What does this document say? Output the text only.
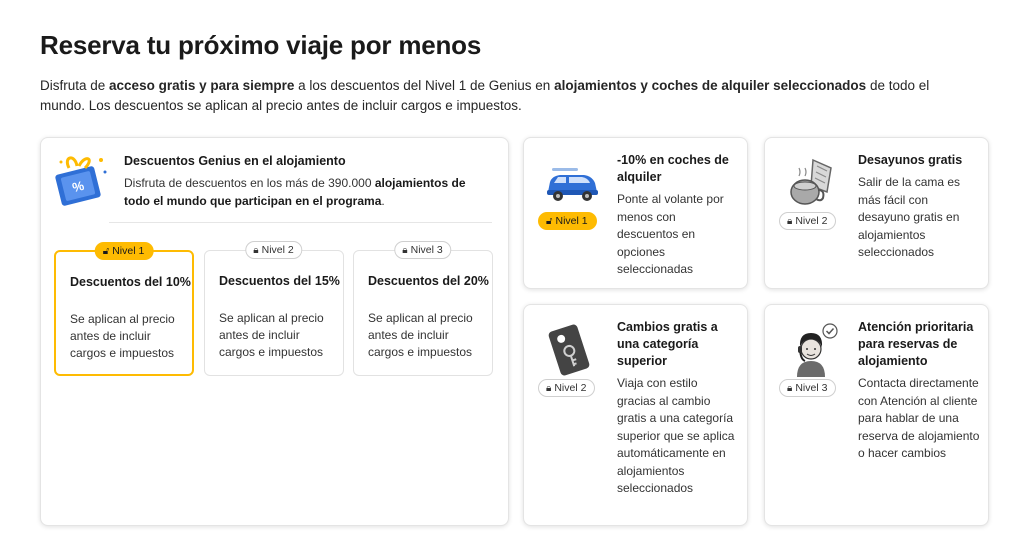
Reserva tu próximo viaje por menos

Disfruta de acceso gratis y para siempre a los descuentos del Nivel 1 de Genius en alojamientos y coches de alquiler seleccionados de todo el mundo. Los descuentos se aplican al precio antes de incluir cargos e impuestos.

%
Descuentos Genius en el alojamiento
Disfruta de descuentos en los más de 390.000 alojamientos de todo el mundo que participan en el programa.
🔓︎ Nivel 1
Descuentos del 10%
Se aplican al precio antes de incluir cargos e impuestos
🔒︎ Nivel 2
Descuentos del 15%
Se aplican al precio antes de incluir cargos e impuestos
🔒︎ Nivel 3
Descuentos del 20%
Se aplican al precio antes de incluir cargos e impuestos
🔓︎ Nivel 1
-10% en coches de alquiler
Ponte al volante por menos con descuentos en opciones seleccionadas
🔒︎ Nivel 2
Desayunos gratis
Salir de la cama es más fácil con desayuno gratis en alojamientos seleccionados
🔒︎ Nivel 2
Cambios gratis a una categoría superior
Viaja con estilo gracias al cambio gratis a una categoría superior que se aplica automáticamente en alojamientos seleccionados
🔒︎ Nivel 3
Atención prioritaria para reservas de alojamiento
Contacta directamente con Atención al cliente para hablar de una reserva de alojamiento o hacer cambios
